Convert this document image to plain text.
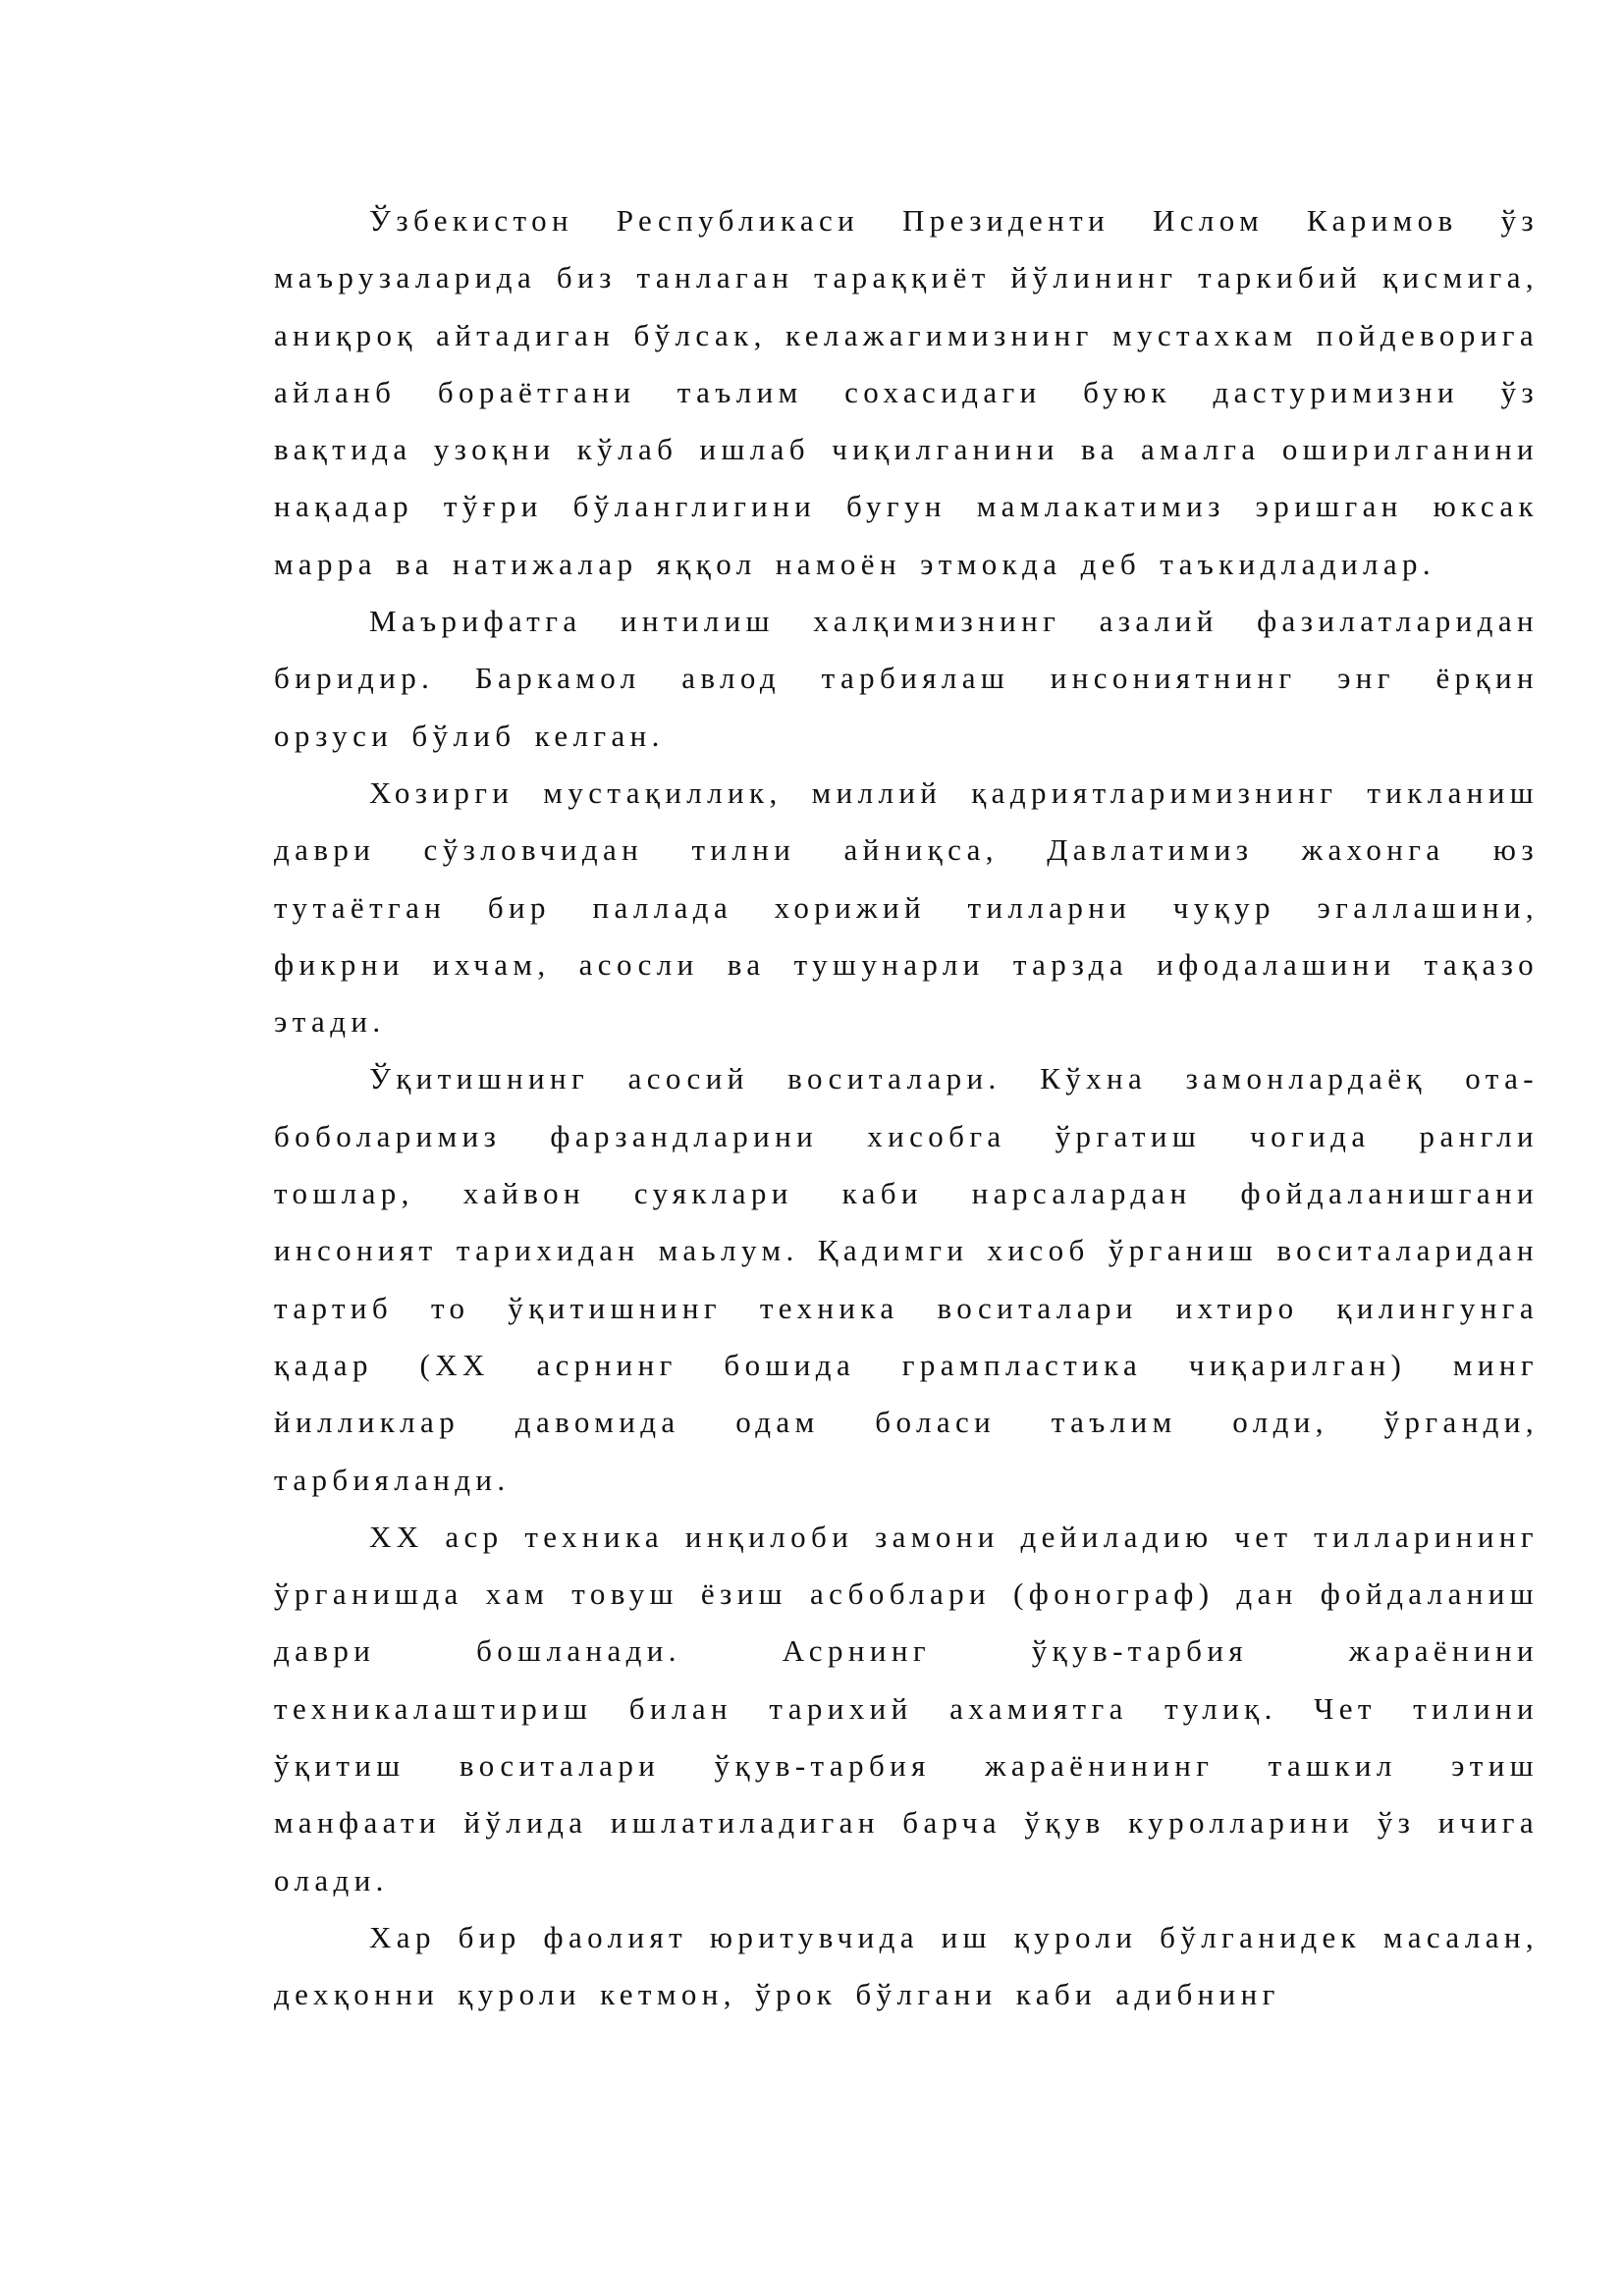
Ўзбекистон Республикаси Президенти Ислом Каримов ўз маърузаларида биз танлаган тараққиёт йўлининг таркибий қисмига, аниқроқ айтадиган бўлсак, келажагимизнинг мустахкам пойдеворига айланб бораётгани таълим сохасидаги буюк дастуримизни ўз вақтида узоқни кўлаб ишлаб чиқилганини ва амалга оширилганини нақадар тўғри бўланглигини бугун мамлакатимиз эришган юксак марра ва натижалар яққол намоён этмокда деб таъкидладилар.

Маърифатга интилиш халқимизнинг азалий фазилатларидан биридир. Баркамол авлод тарбиялаш инсониятнинг энг ёрқин орзуси бўлиб келган.

Хозирги мустақиллик, миллий қадриятларимизнинг тикланиш даври сўзловчидан тилни айниқса, Давлатимиз жахонга юз тутаётган бир паллада хорижий тилларни чуқур эгаллашини, фикрни ихчам, асосли ва тушунарли тарзда ифодалашини тақазо этади.

Ўқитишнинг асосий воситалари. Кўхна замонлардаёқ ота-боболаримиз фарзандларини хисобга ўргатиш чогида рангли тошлар, хайвон суяклари каби нарсалардан фойдаланишгани инсоният тарихидан маьлум. Қадимги хисоб ўрганиш воситаларидан тартиб то ўқитишнинг техника воситалари ихтиро қилингунга қадар (ХХ асрнинг бошида грампластика чиқарилган) минг йилликлар давомида одам боласи таълим олди, ўрганди, тарбияланди.

ХХ аср техника инқилоби замони дейиладию чет тилларининг ўрганишда хам товуш ёзиш асбоблари (фонограф) дан фойдаланиш даври бошланади. Асрнинг ўқув-тарбия жараёнини техникалаштириш билан тарихий ахамиятга тулиқ. Чет тилини ўқитиш воситалари ўқув-тарбия жараёнининг ташкил этиш манфаати йўлида ишлатиладиган барча ўқув куролларини ўз ичига олади.

Хар бир фаолият юритувчида иш қуроли бўлганидек масалан, дехқонни қуроли кетмон, ўрок бўлгани каби адибнинг
